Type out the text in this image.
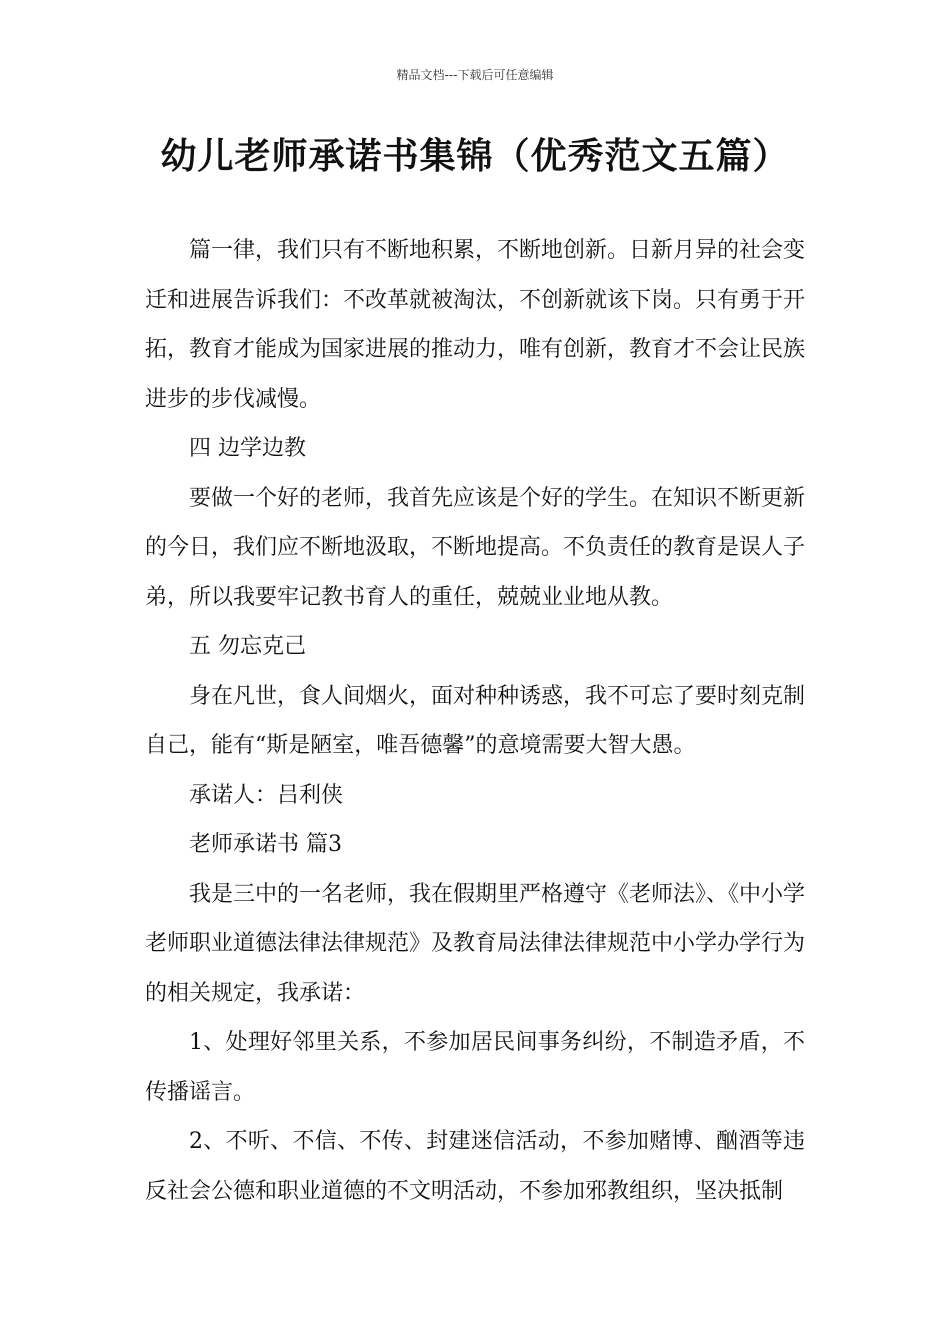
精品文档---下载后可任意编辑
幼儿老师承诺书集锦（优秀范文五篇）

篇一律，我们只有不断地积累，不断地创新。日新月异的社会变迁和进展告诉我们：不改革就被淘汰，不创新就该下岗。只有勇于开拓，教育才能成为国家进展的推动力，唯有创新，教育才不会让民族进步的步伐减慢。

四 边学边教

要做一个好的老师，我首先应该是个好的学生。在知识不断更新的今日，我们应不断地汲取，不断地提高。不负责任的教育是误人子弟，所以我要牢记教书育人的重任，兢兢业业地从教。

五 勿忘克己

身在凡世，食人间烟火，面对种种诱惑，我不可忘了要时刻克制自己，能有“斯是陋室，唯吾德馨”的意境需要大智大愚。

承诺人：吕利侠

老师承诺书 篇3

我是三中的一名老师，我在假期里严格遵守《老师法》、《中小学老师职业道德法律法律规范》及教育局法律法律规范中小学办学行为的相关规定，我承诺：

1、处理好邻里关系，不参加居民间事务纠纷，不制造矛盾，不传播谣言。

2、不听、不信、不传、封建迷信活动，不参加赌博、酗酒等违反社会公德和职业道德的不文明活动，不参加邪教组织，坚决抵制
